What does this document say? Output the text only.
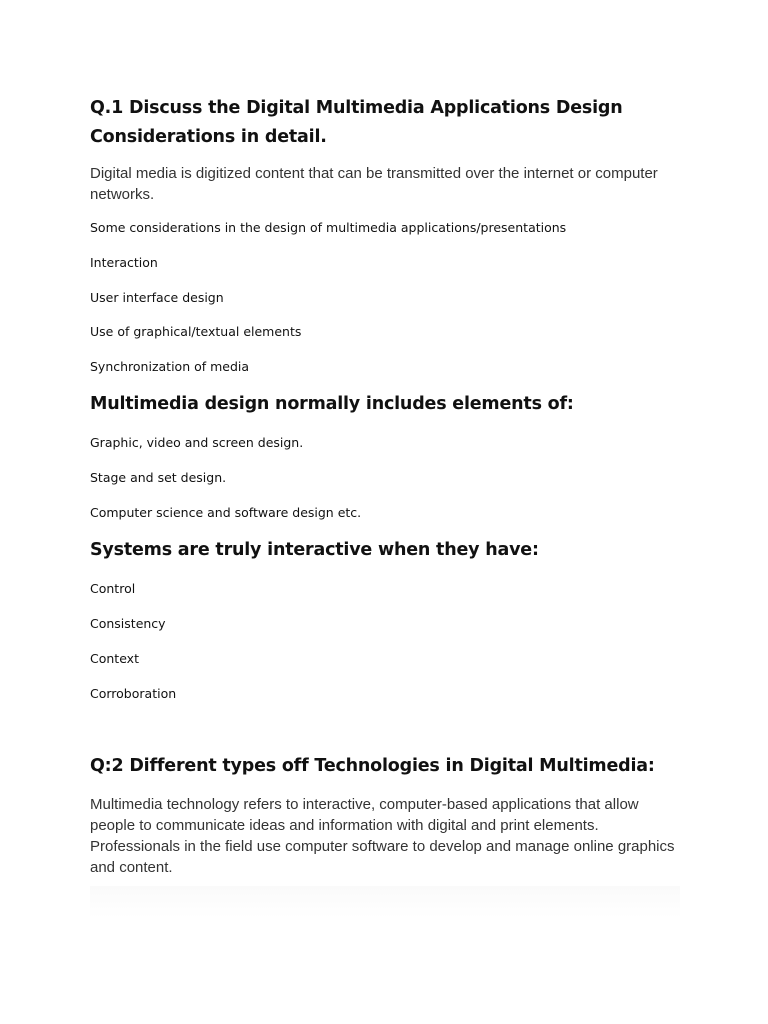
Q.1 Discuss the Digital Multimedia Applications Design Considerations in detail.

Digital media is digitized content that can be transmitted over the internet or computer networks.

Some considerations in the design of multimedia applications/presentations

Interaction

User interface design

Use of graphical/textual elements

Synchronization of media

Multimedia design normally includes elements of:

Graphic, video and screen design.

Stage and set design.

Computer science and software design etc.

Systems are truly interactive when they have:

Control

Consistency

Context

Corroboration

Q:2 Different types off Technologies in Digital Multimedia:

Multimedia technology refers to interactive, computer-based applications that allow people to communicate ideas and information with digital and print elements. Professionals in the field use computer software to develop and manage online graphics and content.
